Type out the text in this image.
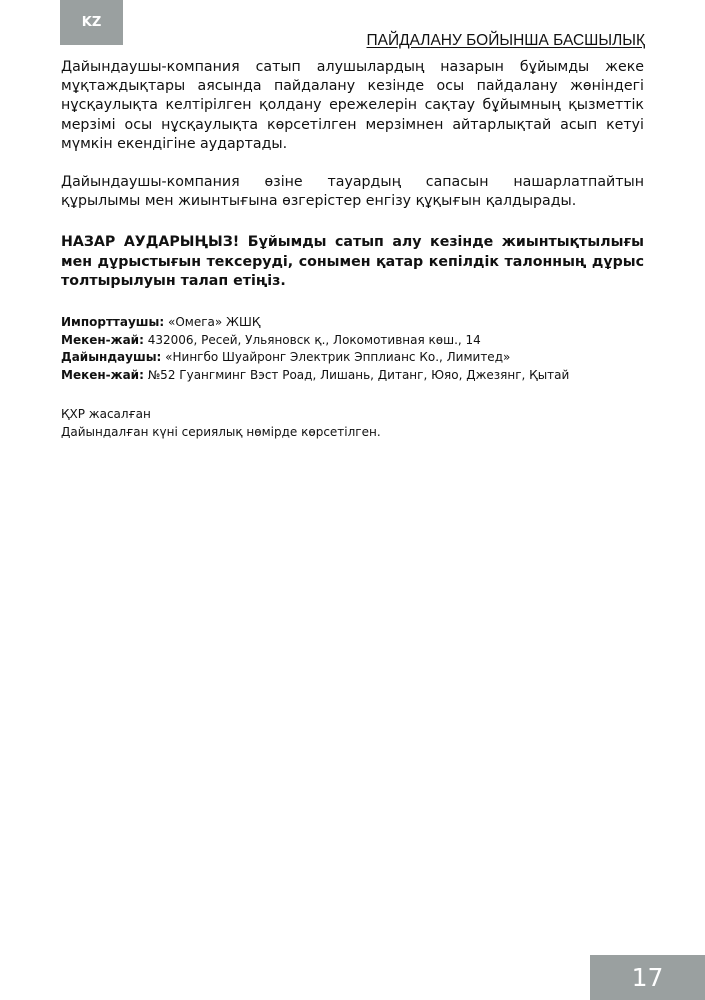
KZ
ПАЙДАЛАНУ БОЙЫНША БАСШЫЛЫҚ

Дайындаушы-компания сатып алушылардың назарын бұйымды жеке мұқтаждықтары аясында пайдалану кезінде осы пайдалану жөніндегі нұсқаулықта келтірілген қолдану ережелерін сақтау бұйымның қызметтік мерзімі осы нұсқаулықта көрсетілген мерзімнен айтарлықтай асып кетуі мүмкін екендігіне аудартады.

Дайындаушы-компания өзіне тауардың сапасын нашарлатпайтын құрылымы мен жиынтығына өзгерістер енгізу құқығын қалдырады.

НАЗАР АУДАРЫҢЫЗ! Бұйымды сатып алу кезінде жиынтықтылығы мен дұрыстығын тексеруді, сонымен қатар кепілдік талонның дұрыс толтырылуын талап етіңіз.

Импорттаушы: «Омега» ЖШҚ
Мекен-жай: 432006, Ресей, Ульяновск қ., Локомотивная көш., 14
Дайындаушы: «Нингбо Шуайронг Электрик Эпплианс Ко., Лимитед»
Мекен-жай: №52 Гуангминг Вэст Роад, Лишань, Дитанг, Юяо, Джезянг, Қытай
ҚХР жасалған
Дайындалған күні сериялық нөмірде көрсетілген.
17
